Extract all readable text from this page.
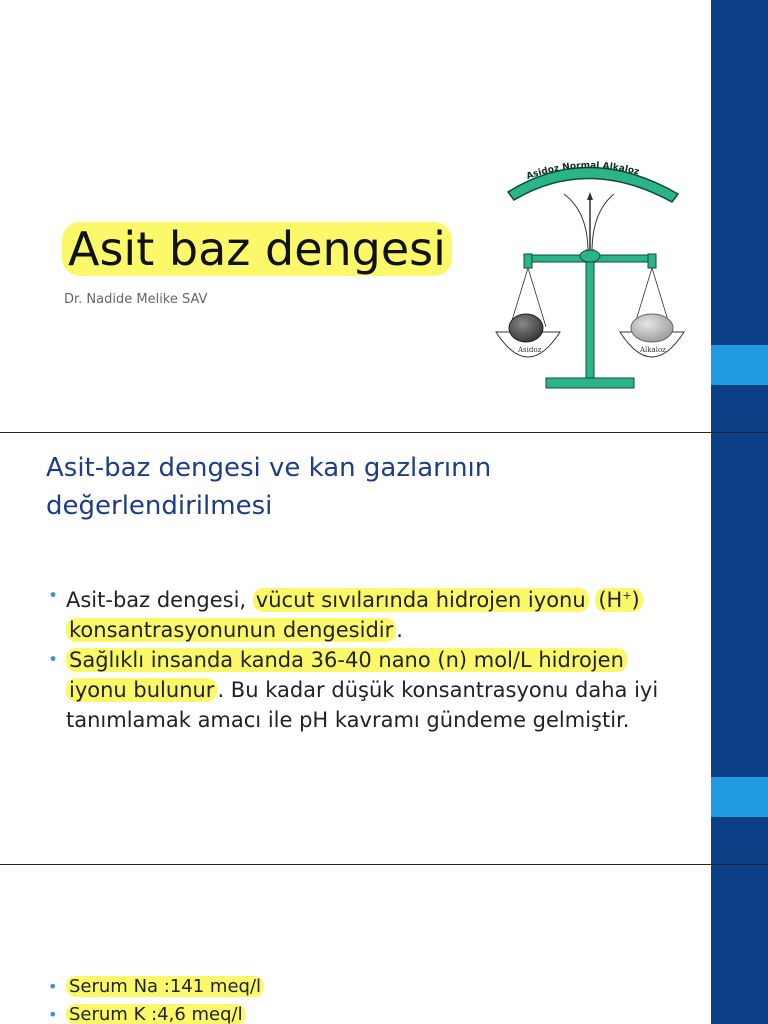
Asit baz dengesi
Dr. Nadide Melike SAV
Asidoz Normal Alkaloz
Asidoz	Alkaloz
Asit-baz dengesi ve kan gazlarının
değerlendirilmesi
• Asit-baz dengesi, vücut sıvılarında hidrojen iyonu (H+) konsantrasyonunun dengesidir .
• Sağlıklı insanda kanda 36-40 nano (n) mol/L hidrojen iyonu bulunur . Bu kadar düşük konsantrasyonu daha iyi tanımlamak amacı ile pH kavramı gündeme gelmiştir.
• Serum Na :141 meq/l
• Serum K :4,6 meq/l
